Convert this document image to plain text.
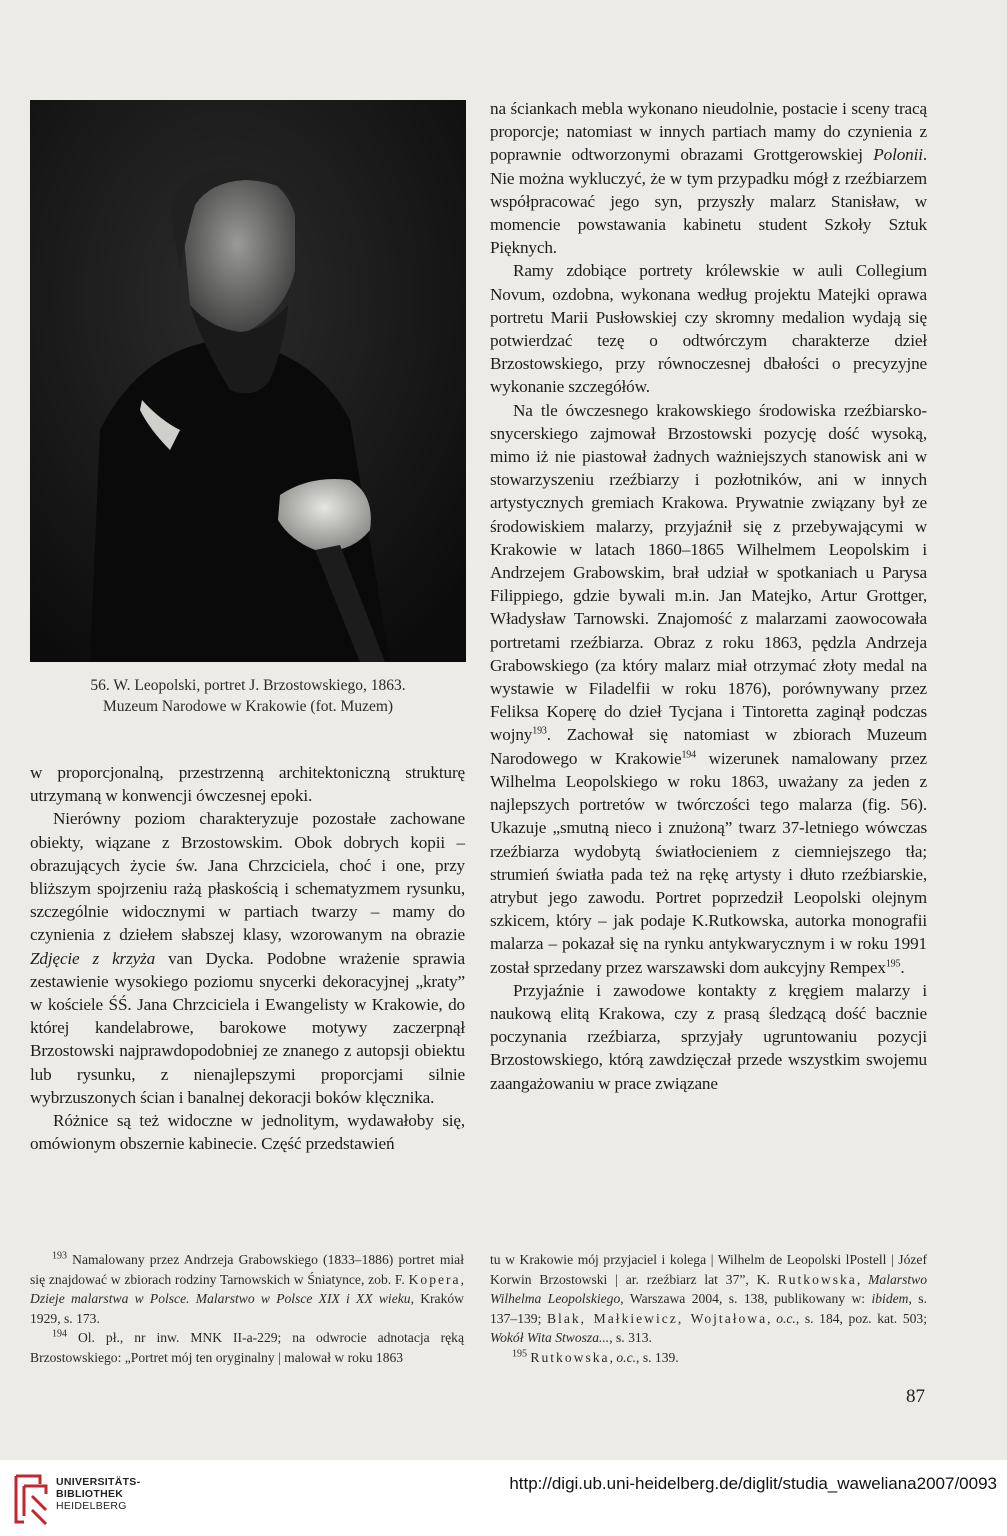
56. W. Leopolski, portret J. Brzostowskiego, 1863.
Muzeum Narodowe w Krakowie (fot. Muzem)

w proporcjonalną, przestrzenną architektoniczną strukturę utrzymaną w konwencji ówczesnej epoki.

Nierówny poziom charakteryzuje pozostałe zachowane obiekty, wiązane z Brzostowskim. Obok dobrych kopii – obrazujących życie św. Jana Chrzciciela, choć i one, przy bliższym spojrzeniu rażą płaskością i schematyzmem rysunku, szczególnie widocznymi w partiach twarzy – mamy do czynienia z dziełem słabszej klasy, wzorowanym na obrazie Zdjęcie z krzyża van Dycka. Podobne wrażenie sprawia zestawienie wysokiego poziomu snycerki dekoracyjnej „kraty” w kościele ŚŚ. Jana Chrzciciela i Ewangelisty w Krakowie, do której kandelabrowe, barokowe motywy zaczerpnął Brzostowski najprawdopodobniej ze znanego z autopsji obiektu lub rysunku, z nienajlepszymi proporcjami silnie wybrzuszonych ścian i banalnej dekoracji boków klęcznika.

Różnice są też widoczne w jednolitym, wydawałoby się, omówionym obszernie kabinecie. Część przedstawień

na ściankach mebla wykonano nieudolnie, postacie i sceny tracą proporcje; natomiast w innych partiach mamy do czynienia z poprawnie odtworzonymi obrazami Grottgerowskiej Polonii. Nie można wykluczyć, że w tym przypadku mógł z rzeźbiarzem współpracować jego syn, przyszły malarz Stanisław, w momencie powstawania kabinetu student Szkoły Sztuk Pięknych.

Ramy zdobiące portrety królewskie w auli Collegium Novum, ozdobna, wykonana według projektu Matejki oprawa portretu Marii Pusłowskiej czy skromny medalion wydają się potwierdzać tezę o odtwórczym charakterze dzieł Brzostowskiego, przy równoczesnej dbałości o precyzyjne wykonanie szczegółów.

Na tle ówczesnego krakowskiego środowiska rzeźbiarsko-snycerskiego zajmował Brzostowski pozycję dość wysoką, mimo iż nie piastował żadnych ważniejszych stanowisk ani w stowarzyszeniu rzeźbiarzy i pozłotników, ani w innych artystycznych gremiach Krakowa. Prywatnie związany był ze środowiskiem malarzy, przyjaźnił się z przebywającymi w Krakowie w latach 1860–1865 Wilhelmem Leopolskim i Andrzejem Grabowskim, brał udział w spotkaniach u Parysa Filippiego, gdzie bywali m.in. Jan Matejko, Artur Grottger, Władysław Tarnowski. Znajomość z malarzami zaowocowała portretami rzeźbiarza. Obraz z roku 1863, pędzla Andrzeja Grabowskiego (za który malarz miał otrzymać złoty medal na wystawie w Filadelfii w roku 1876), porównywany przez Feliksa Koperę do dzieł Tycjana i Tintoretta zaginął podczas wojny$^{193}$. Zachował się natomiast w zbiorach Muzeum Narodowego w Krakowie$^{194}$ wizerunek namalowany przez Wilhelma Leopolskiego w roku 1863, uważany za jeden z najlepszych portretów w twórczości tego malarza (fig. 56). Ukazuje „smutną nieco i znużoną” twarz 37-letniego wówczas rzeźbiarza wydobytą światłocieniem z ciemniejszego tła; strumień światła pada też na rękę artysty i dłuto rzeźbiarskie, atrybut jego zawodu. Portret poprzedził Leopolski olejnym szkicem, który – jak podaje K.Rutkowska, autorka monografii malarza – pokazał się na rynku antykwarycznym i w roku 1991 został sprzedany przez warszawski dom aukcyjny Rempex$^{195}$.

Przyjaźnie i zawodowe kontakty z kręgiem malarzy i naukową elitą Krakowa, czy z prasą śledzącą dość bacznie poczynania rzeźbiarza, sprzyjały ugruntowaniu pozycji Brzostowskiego, którą zawdzięczał przede wszystkim swojemu zaangażowaniu w prace związane

$^{193}$ Namalowany przez Andrzeja Grabowskiego (1833–1886) portret miał się znajdować w zbiorach rodziny Tarnowskich w Śniatynce, zob. F. Kopera, Dzieje malarstwa w Polsce. Malarstwo w Polsce XIX i XX wieku, Kraków 1929, s. 173.

$^{194}$ Ol. pł., nr inw. MNK II-a-229; na odwrocie adnotacja ręką Brzostowskiego: „Portret mój ten oryginalny | malował w roku 1863

tu w Krakowie mój przyjaciel i kolega | Wilhelm de Leopolski lPostell | Józef Korwin Brzostowski | ar. rzeźbiarz lat 37”, K. Rutkowska, Malarstwo Wilhelma Leopolskiego, Warszawa 2004, s. 138, publikowany w: ibidem, s. 137–139; Blak, Małkiewicz, Wojtałowa, o.c., s. 184, poz. kat. 503; Wokół Wita Stwosza..., s. 313.

$^{195}$ Rutkowska, o.c., s. 139.

87
UNIVERSITÄTS-
BIBLIOTHEK
HEIDELBERG
http://digi.ub.uni-heidelberg.de/diglit/studia_waweliana2007/0093
